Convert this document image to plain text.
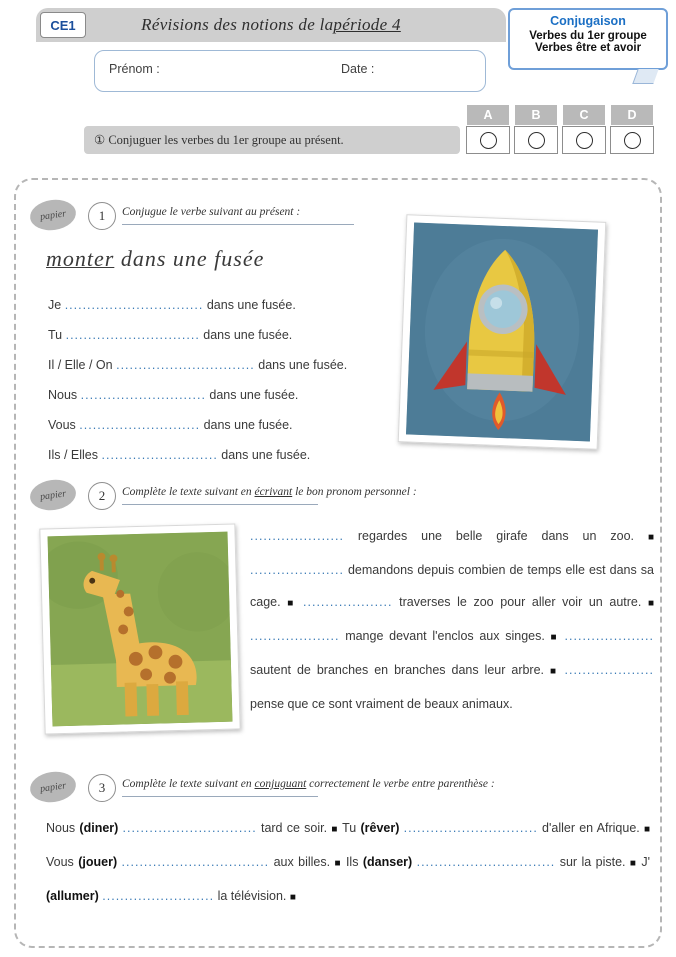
Révisions des notions de la période 4
CE1
Prénom :	Date :
Conjugaison
Verbes du 1er groupe
Verbes être et avoir
① Conjuguer les verbes du 1er groupe au présent.
A	B	C	D
papier	1	Conjugue le verbe suivant au présent :
monter dans une fusée
Je ............................... dans une fusée.
Tu .............................. dans une fusée.
Il / Elle / On ............................... dans une fusée.
Nous ............................ dans une fusée.
Vous ........................... dans une fusée.
Ils / Elles .......................... dans une fusée.
papier	2	Complète le texte suivant en écrivant le bon pronom personnel :
..................... regardes une belle girafe dans un zoo. ■ ..................... demandons depuis combien de temps elle est dans sa cage. ■ .................... traverses le zoo pour aller voir un autre. ■ .................... mange devant l'enclos aux singes. ■ .................... sautent de branches en branches dans leur arbre. ■ .................... pense que ce sont vraiment de beaux animaux.
papier	3	Complète le texte suivant en conjuguant correctement le verbe entre parenthèse :
Nous (diner) .............................. tard ce soir. ■ Tu (rêver) .............................. d'aller en Afrique. ■ Vous (jouer) ................................. aux billes. ■ Ils (danser) ............................... sur la piste. ■ J' (allumer) ......................... la télévision. ■
